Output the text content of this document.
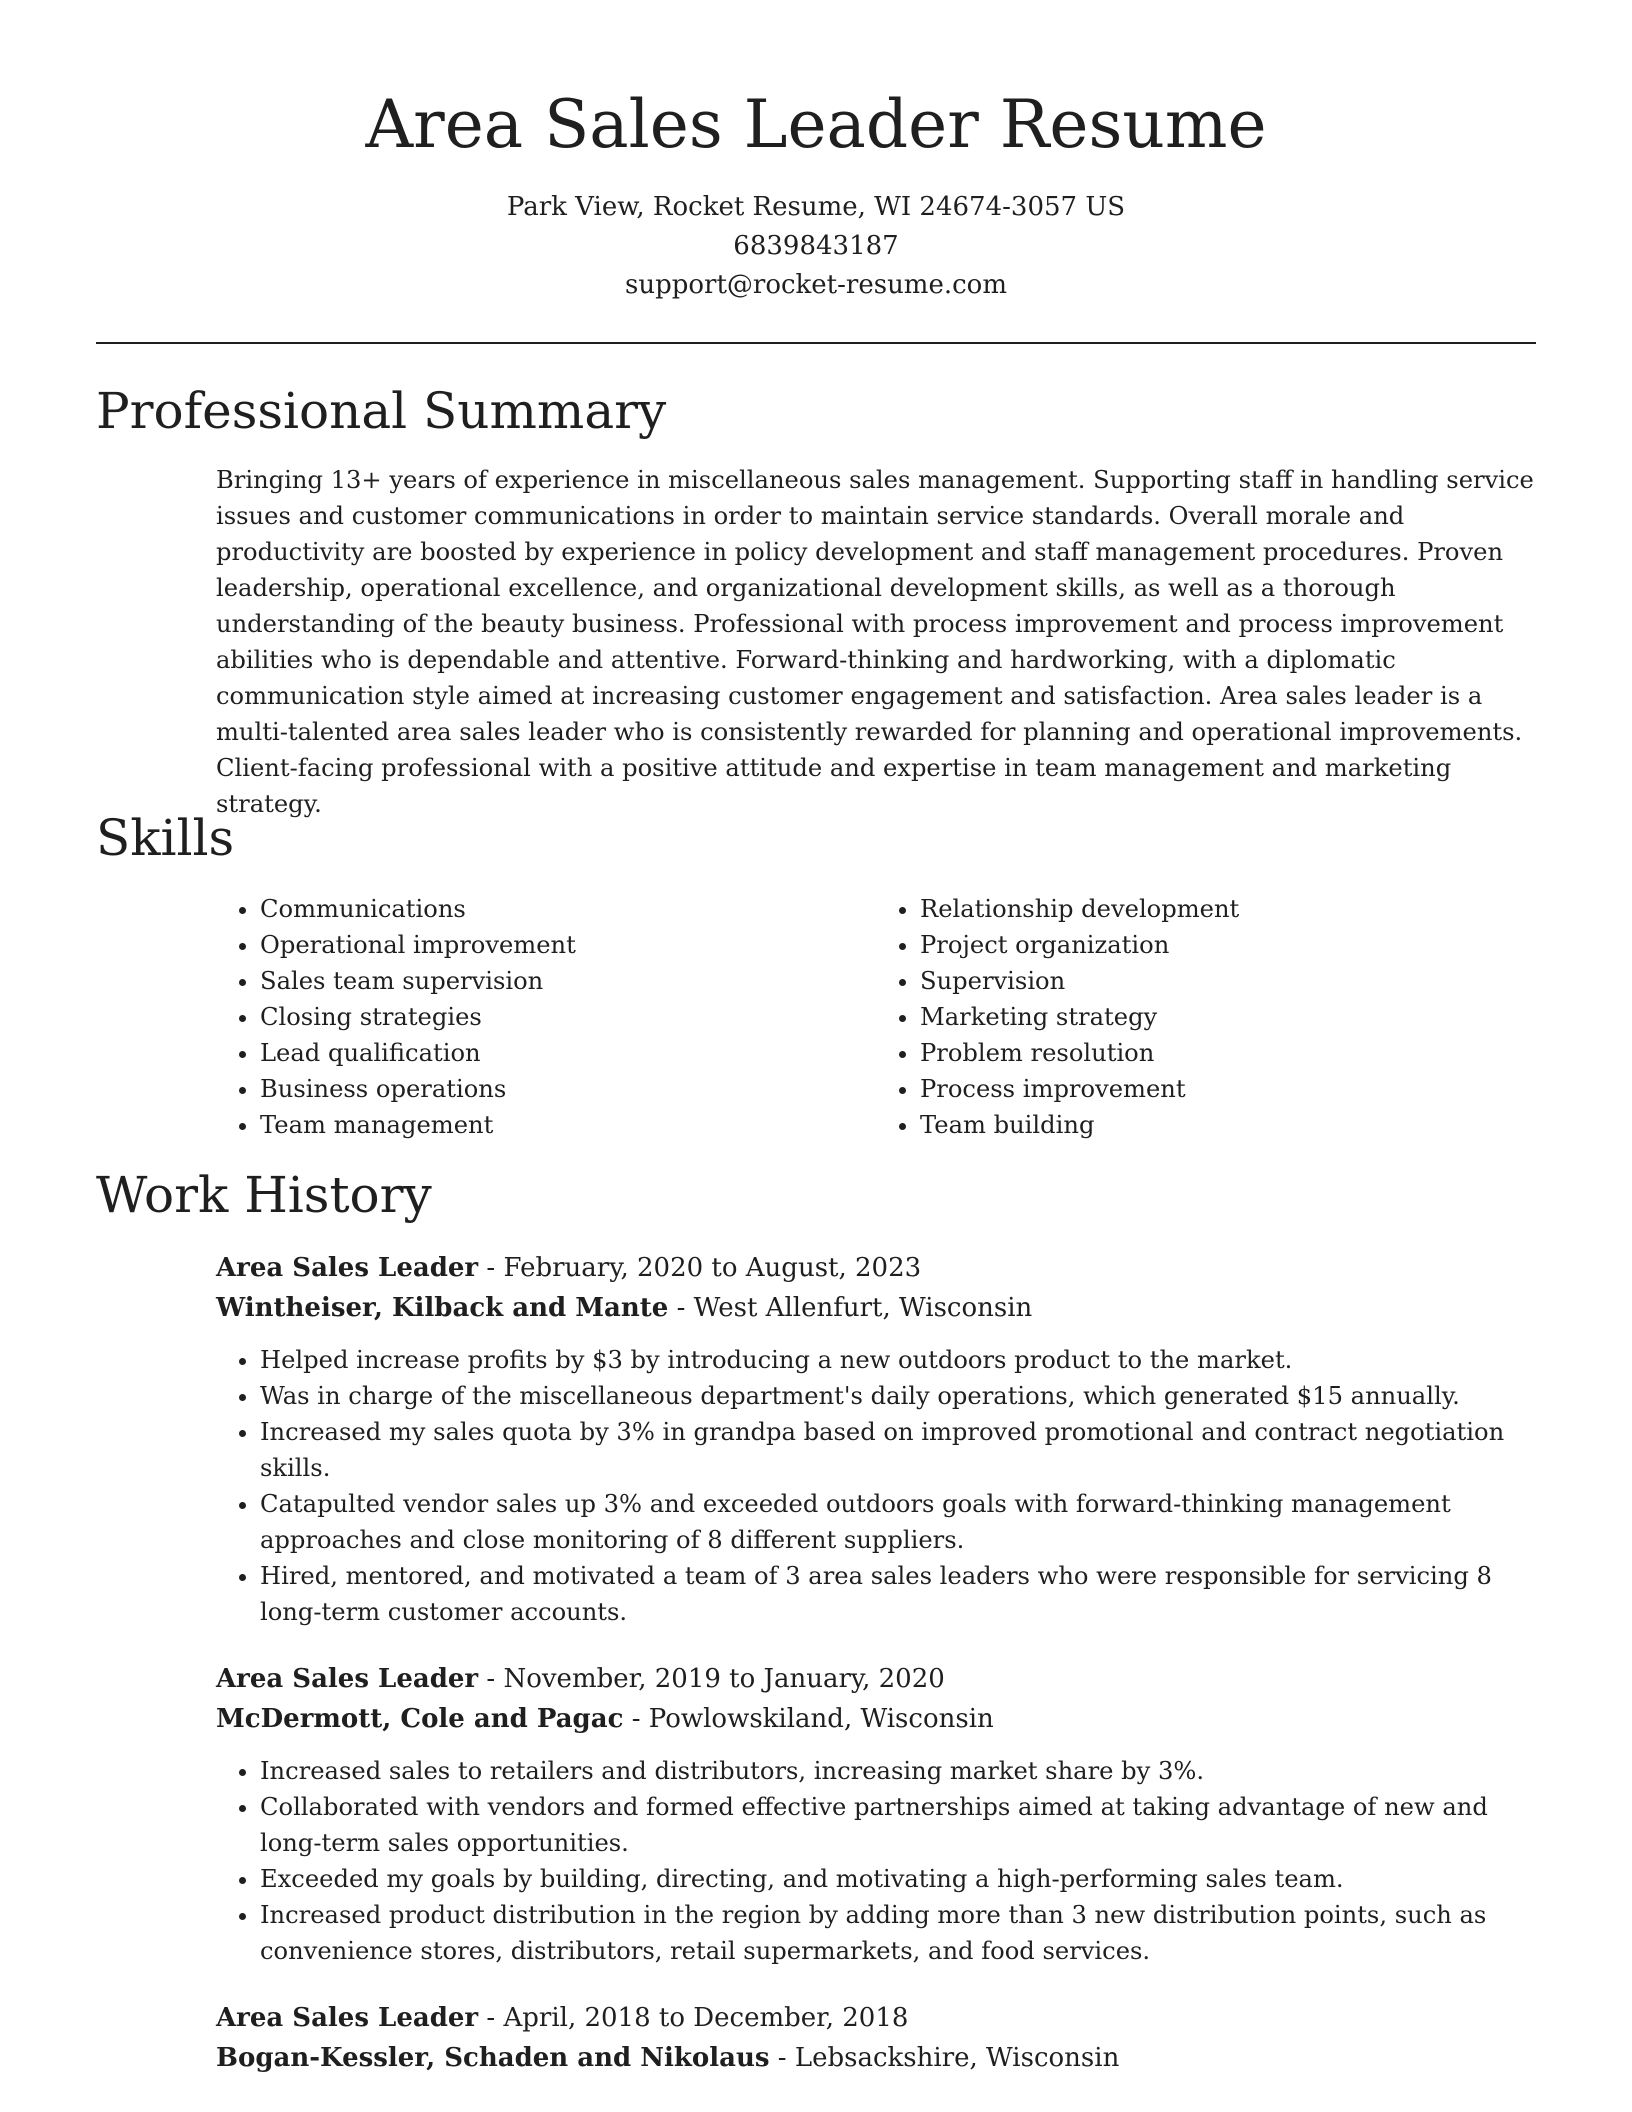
Area Sales Leader Resume
Park View, Rocket Resume, WI 24674-3057 US
6839843187
support@rocket-resume.com
Professional Summary

Bringing 13+ years of experience in miscellaneous sales management. Supporting staff in handling service issues and customer communications in order to maintain service standards. Overall morale and productivity are boosted by experience in policy development and staff management procedures. Proven leadership, operational excellence, and organizational development skills, as well as a thorough understanding of the beauty business. Professional with process improvement and process improvement abilities who is dependable and attentive. Forward-thinking and hardworking, with a diplomatic communication style aimed at increasing customer engagement and satisfaction. Area sales leader is a multi-talented area sales leader who is consistently rewarded for planning and operational improvements. Client-facing professional with a positive attitude and expertise in team management and marketing strategy.

Skills
• Communications
• Operational improvement
• Sales team supervision
• Closing strategies
• Lead qualification
• Business operations
• Team management
• Relationship development
• Project organization
• Supervision
• Marketing strategy
• Problem resolution
• Process improvement
• Team building
Work History
Area Sales Leader - February, 2020 to August, 2023
Wintheiser, Kilback and Mante - West Allenfurt, Wisconsin
• Helped increase profits by $3 by introducing a new outdoors product to the market.
• Was in charge of the miscellaneous department's daily operations, which generated $15 annually.
• Increased my sales quota by 3% in grandpa based on improved promotional and contract negotiation skills.
• Catapulted vendor sales up 3% and exceeded outdoors goals with forward-thinking management approaches and close monitoring of 8 different suppliers.
• Hired, mentored, and motivated a team of 3 area sales leaders who were responsible for servicing 8 long-term customer accounts.
Area Sales Leader - November, 2019 to January, 2020
McDermott, Cole and Pagac - Powlowskiland, Wisconsin
• Increased sales to retailers and distributors, increasing market share by 3%.
• Collaborated with vendors and formed effective partnerships aimed at taking advantage of new and long-term sales opportunities.
• Exceeded my goals by building, directing, and motivating a high-performing sales team.
• Increased product distribution in the region by adding more than 3 new distribution points, such as convenience stores, distributors, retail supermarkets, and food services.
Area Sales Leader - April, 2018 to December, 2018
Bogan-Kessler, Schaden and Nikolaus - Lebsackshire, Wisconsin
